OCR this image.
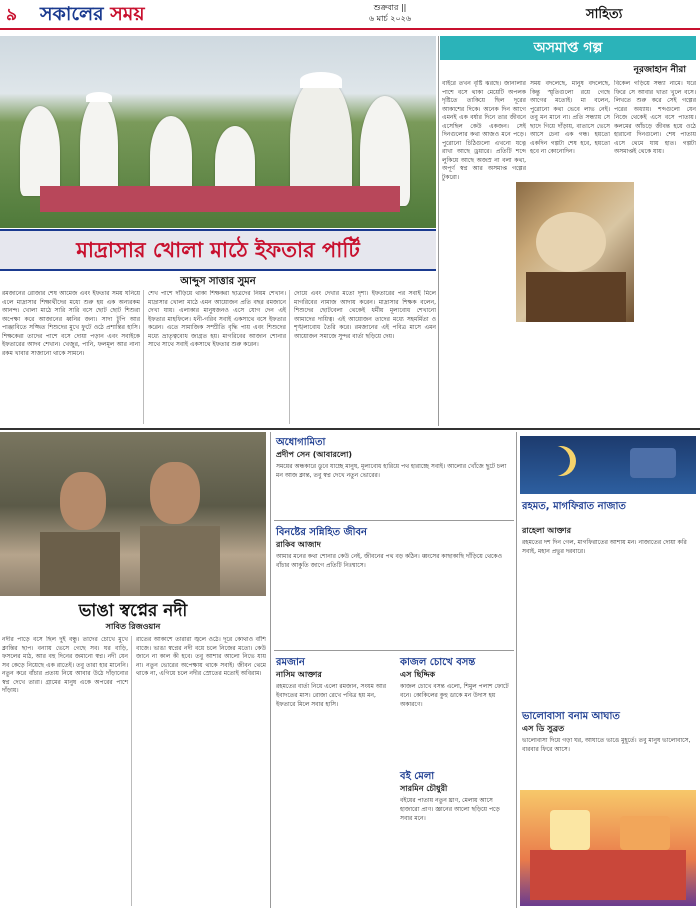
৯ সকালের সময়	শুক্রবার ||
৬ মার্চ ২০২৬	সাহিত্য
মাদ্রাসার খোলা মাঠে ইফতার পার্টি
আব্দুস সাত্তার সুমন
রমজানের রোজার শেষ আমেজ এবং ইফতার সময় ঘনিয়ে এলে মাদ্রাসার শিক্ষার্থীদের মধ্যে শুরু হয় এক অন্যরকম আনন্দ। খোলা মাঠে সারি সারি বসে ছোট ছোট শিশুরা অপেক্ষা করে আজানের ধ্বনির জন্য। সাদা টুপি আর পাঞ্জাবিতে সজ্জিত শিশুদের মুখে ফুটে ওঠে প্রশান্তির হাসি। শিক্ষকেরা তাদের পাশে বসে দোয়া পড়ান এবং সবাইকে ইফতারের আদব শেখান। খেজুর, পানি, ফলমূল আর নানা রকম খাবার সাজানো থাকে সামনে।
শেখ পাশে দাঁড়িয়ে থাকা শিক্ষকরা ছাত্রদের নিয়ম শেখান। মাদ্রাসার খোলা মাঠে এমন আয়োজন প্রতি বছর রমজানে দেখা যায়। এলাকার মানুষজনও এসে যোগ দেন এই ইফতার মাহফিলে। ধনী-গরিব সবাই একসাথে বসে ইফতার করেন। এতে সামাজিক সম্প্রীতি বৃদ্ধি পায় এবং শিশুদের মধ্যে ভ্রাতৃত্ববোধ জাগ্রত হয়। মাগরিবের আজান শোনার সাথে সাথে সবাই একসাথে ইফতার শুরু করেন।
দোয়ে এবং দেখার মতো দৃশ্য। ইফতারের পর সবাই মিলে মাগরিবের নামাজ আদায় করেন। মাদ্রাসার শিক্ষক বলেন, শিশুদের ছোটবেলা থেকেই ধর্মীয় মূল্যবোধ শেখানো আমাদের দায়িত্ব। এই আয়োজন তাদের মধ্যে সহমর্মিতা ও শৃঙ্খলাবোধ তৈরি করে। রমজানের এই পবিত্র মাসে এমন আয়োজন সমাজে সুন্দর বার্তা ছড়িয়ে দেয়।
অসমাপ্ত গল্প
নূরজাহান নীরা
বাইরে তখন বৃষ্টি ঝরছে। জানালার পাশে বসে থাকা মেয়েটি অপলক দৃষ্টিতে তাকিয়ে ছিল দূরের আকাশের দিকে। অনেক দিন আগে এমনই এক বর্ষার দিনে তার জীবনে এসেছিল কেউ একজন। সেই দিনগুলোর কথা আজও মনে পড়ে। পুরোনো চিঠিগুলো এখনো যত্নে রাখা আছে ড্রয়ারে। প্রতিটি শব্দে লুকিয়ে আছে অজস্র না বলা কথা, অপূর্ণ স্বপ্ন আর অসমাপ্ত গল্পের টুকরো।
সময় বদলেছে, মানুষ বদলেছে, কিন্তু স্মৃতিগুলো রয়ে গেছে আগের মতোই। মা বলেন, পুরোনো কথা ভেবে লাভ নেই। তবু মন মানে না। প্রতি সন্ধ্যায় সে ছাদে গিয়ে দাঁড়ায়, বাতাসে ভেসে আসে চেনা এক গন্ধ। হয়তো একদিন গল্পটা শেষ হবে, হয়তো হবে না কোনোদিন।
বিকেল গড়িয়ে সন্ধ্যা নামে। ঘরে ফিরে সে আবার খাতা খুলে বসে। লিখতে শুরু করে সেই গল্পের পরের অধ্যায়। শব্দগুলো যেন নিজে থেকেই এসে বসে পাতায়। কলমের আঁচড়ে জীবন্ত হয়ে ওঠে হারানো দিনগুলো। শেষ পাতায় এসে থেমে যায় হাত। গল্পটা অসমাপ্তই থেকে যায়।
ভাঙা স্বপ্নের নদী
সাবিত রিজওয়ান
নদীর পাড়ে বসে ছিল দুই বন্ধু। তাদের চোখে মুখে ক্লান্তির ছাপ। বন্যায় ভেসে গেছে সব। ঘর বাড়ি, ফসলের মাঠ, আর বহু দিনের জমানো স্বপ্ন। নদী যেন সব কেড়ে নিয়েছে এক রাতেই। তবু তারা হার মানেনি। নতুন করে বাঁচার প্রত্যয় নিয়ে আবার উঠে দাঁড়ানোর স্বপ্ন দেখে তারা। গ্রামের মানুষ একে অপরের পাশে দাঁড়ায়।
রাতের আকাশে তারারা জ্বলে ওঠে। দূরে কোথাও বাঁশি বাজে। ভাঙা স্বপ্নের নদী বয়ে চলে নিজের মতো। কেউ জানে না কাল কী হবে। তবু আশার আলো নিভে যায় না। নতুন ভোরের অপেক্ষায় থাকে সবাই। জীবন থেমে থাকে না, এগিয়ে চলে নদীর স্রোতের মতোই অবিরাম।
অধোগামিতা
প্রদীপ সেন (আবারলো)
সময়ের অন্ধকারে ডুবে যাচ্ছে মানুষ, মূল্যবোধ হারিয়ে পথ হারাচ্ছে সবাই। আলোর খোঁজে ছুটে চলা মন আজ ক্লান্ত, তবু স্বপ্ন দেখে নতুন ভোরের।
বিনষ্টের সন্নিহিত জীবন
রাকিব আজাদ
আমার মনের কথা শোনার কেউ নেই, জীবনের পথ বড় কঠিন। ধ্বংসের কাছাকাছি দাঁড়িয়ে থেকেও বাঁচার আকুতি জাগে প্রতিটি নিঃশ্বাসে।
রমজান
নাসিম আক্তার
রহমতের বার্তা নিয়ে এলো রমজান, সংযম আর ইবাদতের মাস। রোজা রেখে পবিত্র হয় মন, ইফতারে মিলে সবার হাসি।
কাজল চোখে বসন্ত
এস ছিদ্দিক
কাজল চোখে বসন্ত এলো, শিমুল পলাশ ফোটে বনে। কোকিলের কুহু ডাকে মন উদাস হয় অকারণে।
বই মেলা
সারমিন চৌধুরী
বইয়ের পাতায় নতুন ঘ্রাণ, মেলায় আসে হাজারো প্রাণ। জ্ঞানের আলো ছড়িয়ে পড়ে সবার মনে।
রহমত, মাগফিরাত নাজাত
রাহেলা আক্তার
রহমতের দশ দিন গেল, মাগফিরাতের আশায় মন। নাজাতের দোয়া করি সবাই, মহান প্রভুর দরবারে।
ভালোবাসা বনাম আঘাত
এস ডি সুব্রত
ভালোবাসা দিয়ে গড়া ঘর, আঘাতে ভাঙে মুহূর্তে। তবু মানুষ ভালোবাসে, বারবার ফিরে আসে।
